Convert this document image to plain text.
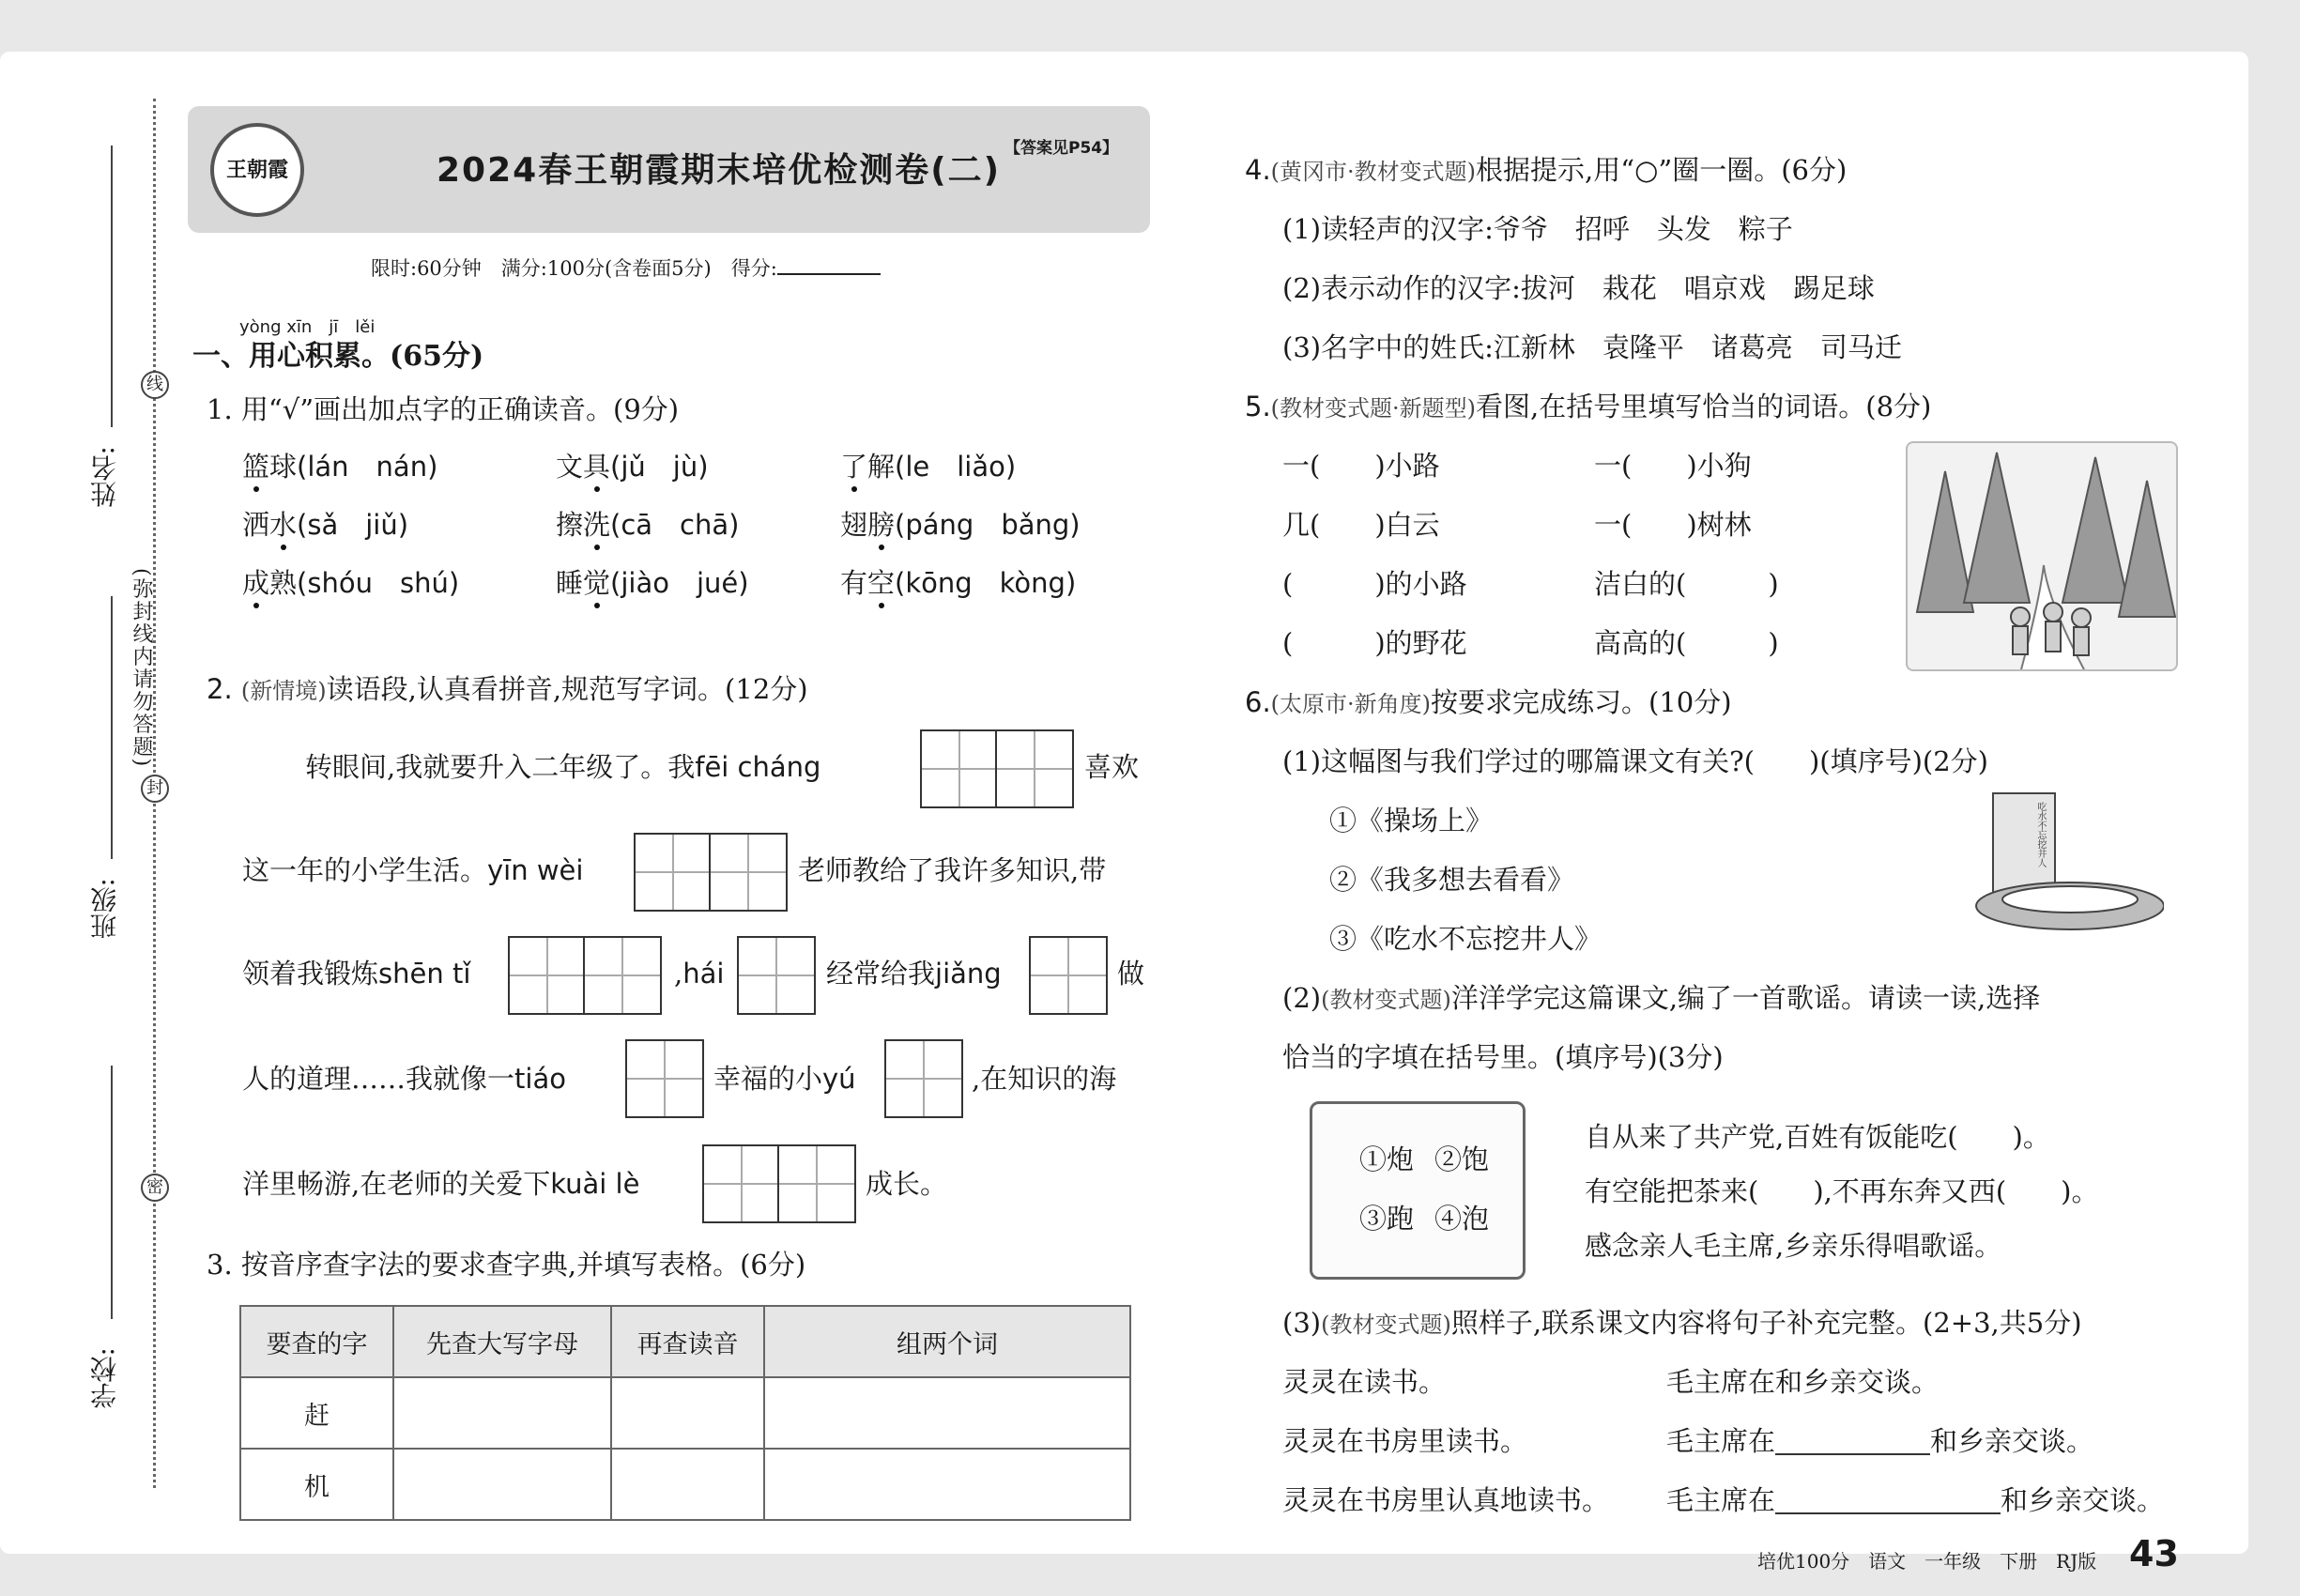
姓名:
线
(弥封线内请勿答题)
封
班级:
密
学校:
王朝霞	2024春王朝霞期末培优检测卷(二)
【答案见P54】
限时:60分钟　满分:100分(含卷面5分)　得分:
yòng xīn　jī　lěi
一、用心积累。(65分)
1. 用“√”画出加点字的正确读音。(9分)
篮球(lán　nán)	文具(jǔ　jù)	了解(le　liǎo)
洒水(sǎ　jiǔ)	擦洗(cā　chā)	翅膀(páng　bǎng)
成熟(shóu　shú)	睡觉(jiào　jué)	有空(kōng　kòng)
2. (新情境)读语段,认真看拼音,规范写字词。(12分)
转眼间,我就要升入二年级了。我fēi cháng	喜欢
这一年的小学生活。yīn wèi	老师教给了我许多知识,带
领着我锻炼shēn tǐ	,hái	经常给我jiǎng	做
人的道理……我就像一tiáo	幸福的小yú	,在知识的海
洋里畅游,在老师的关爱下kuài lè	成长。
3. 按音序查字法的要求查字典,并填写表格。(6分)
要查的字	先查大写字母	再查读音	组两个词
赶			
机			
4.(黄冈市·教材变式题)根据提示,用“○”圈一圈。(6分)
(1)读轻声的汉字:爷爷　招呼　头发　粽子
(2)表示动作的汉字:拔河　栽花　唱京戏　踢足球
(3)名字中的姓氏:江新林　袁隆平　诸葛亮　司马迁
5.(教材变式题·新题型)看图,在括号里填写恰当的词语。(8分)
一(　　)小路	一(　　)小狗
几(　　)白云	一(　　)树林
(　　　)的小路	洁白的(　　　)
(　　　)的野花	高高的(　　　)
6.(太原市·新角度)按要求完成练习。(10分)
(1)这幅图与我们学过的哪篇课文有关?(　　)(填序号)(2分)
①《操场上》
②《我多想去看看》
③《吃水不忘挖井人》
吃水不忘挖井人
(2)(教材变式题)洋洋学完这篇课文,编了一首歌谣。请读一读,选择
恰当的字填在括号里。(填序号)(3分)
①炮 ②饱
③跑 ④泡
自从来了共产党,百姓有饭能吃(　　)。
有空能把茶来(　　),不再东奔又西(　　)。
感念亲人毛主席,乡亲乐得唱歌谣。
(3)(教材变式题)照样子,联系课文内容将句子补充完整。(2+3,共5分)
灵灵在读书。	毛主席在和乡亲交谈。
灵灵在书房里读书。	毛主席在	和乡亲交谈。
灵灵在书房里认真地读书。 毛主席在	和乡亲交谈。
培优100分　语文　一年级　下册　RJ版 43
